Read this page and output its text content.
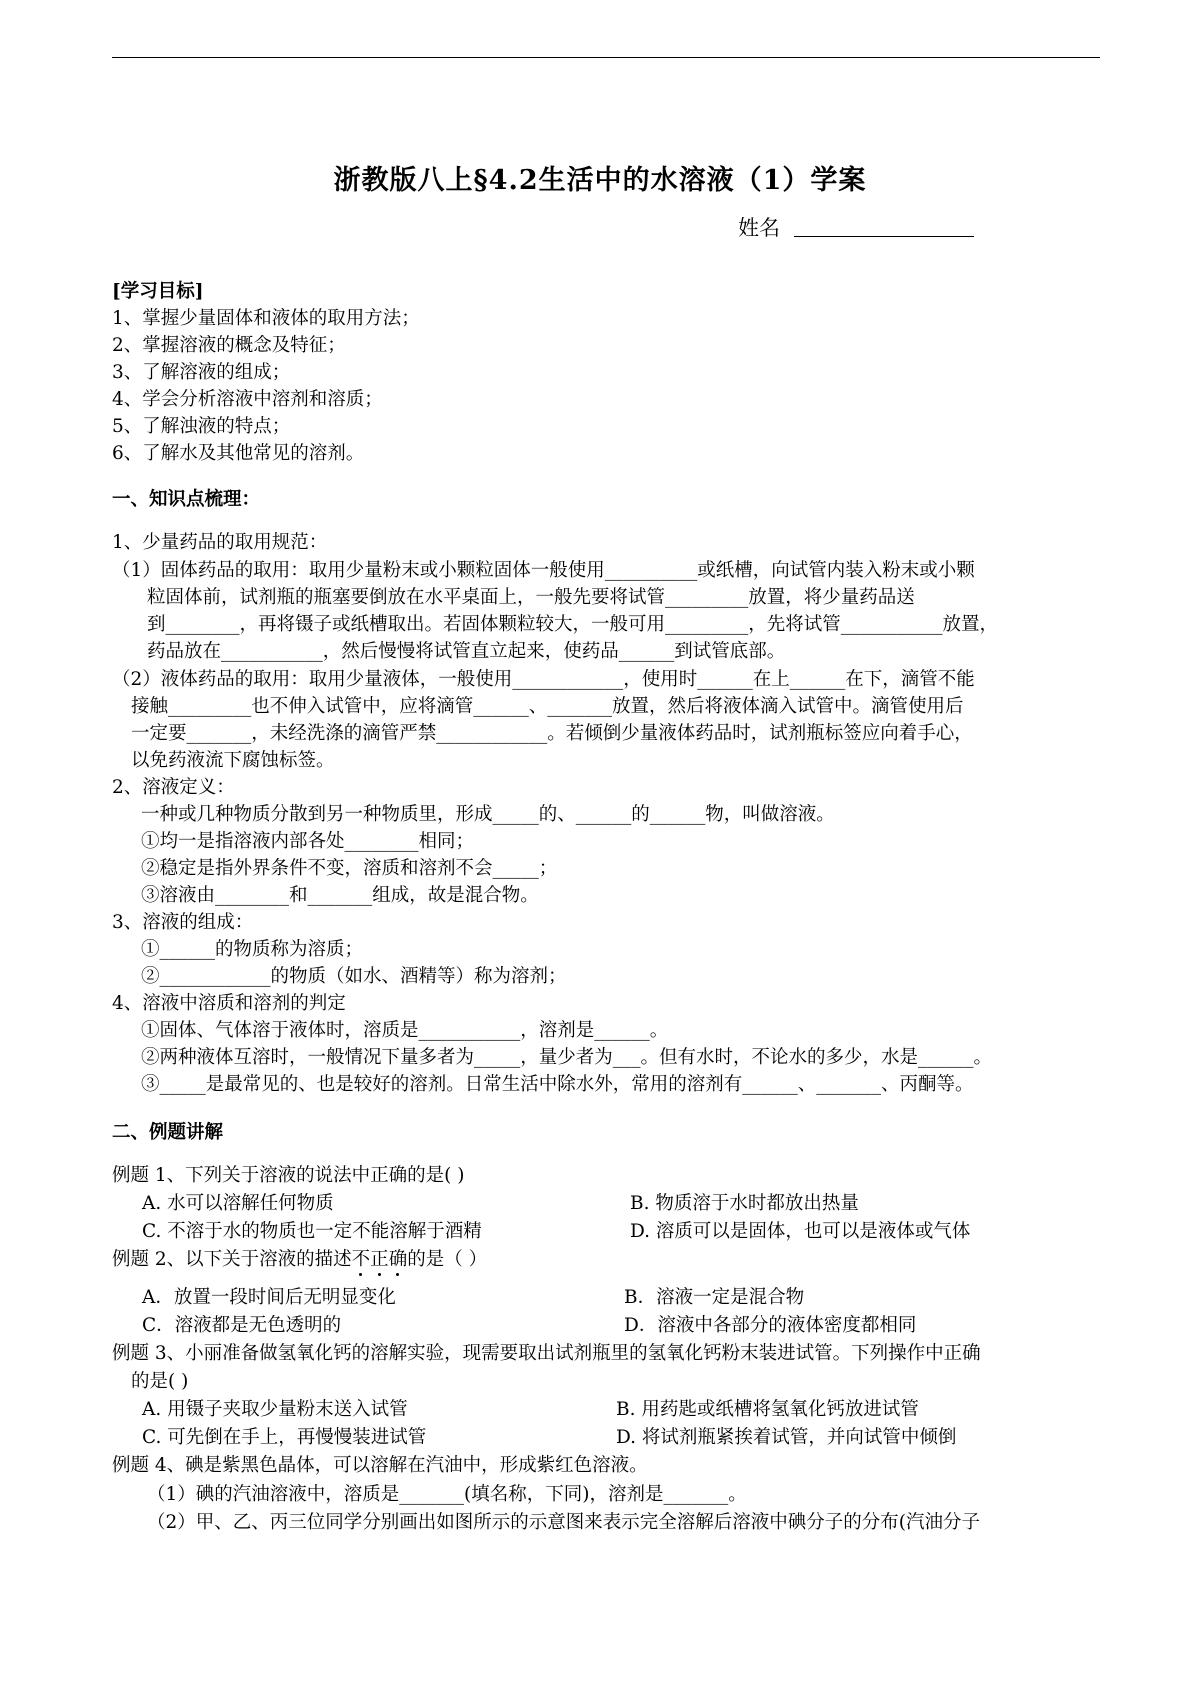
浙教版八上§4.2生活中的水溶液（1）学案
姓名
[学习目标]
1、掌握少量固体和液体的取用方法；
2、掌握溶液的概念及特征；
3、了解溶液的组成；
4、学会分析溶液中溶剂和溶质；
5、了解浊液的特点；
6、了解水及其他常见的溶剂。
一、知识点梳理：
1、少量药品的取用规范：
（1）固体药品的取用：取用少量粉末或小颗粒固体一般使用__________或纸槽，向试管内装入粉末或小颗
粒固体前，试剂瓶的瓶塞要倒放在水平桌面上，一般先要将试管_________放置，将少量药品送
到________，再将镊子或纸槽取出。若固体颗粒较大，一般可用_________，先将试管___________放置，
药品放在___________，然后慢慢将试管直立起来，使药品______到试管底部。
（2）液体药品的取用：取用少量液体，一般使用____________，使用时______在上______在下，滴管不能
接触_________也不伸入试管中，应将滴管______、_______放置，然后将液体滴入试管中。滴管使用后
一定要_______，未经洗涤的滴管严禁____________。若倾倒少量液体药品时，试剂瓶标签应向着手心，
以免药液流下腐蚀标签。
2、溶液定义：
一种或几种物质分散到另一种物质里，形成_____的、______的______物，叫做溶液。
①均一是指溶液内部各处________相同；
②稳定是指外界条件不变，溶质和溶剂不会_____；
③溶液由________和_______组成，故是混合物。
3、溶液的组成：
①______的物质称为溶质；
②____________的物质（如水、酒精等）称为溶剂；
4、溶液中溶质和溶剂的判定
①固体、气体溶于液体时，溶质是___________，溶剂是______。
②两种液体互溶时，一般情况下量多者为_____，量少者为___。但有水时，不论水的多少，水是______。
③_____是最常见的、也是较好的溶剂。日常生活中除水外，常用的溶剂有______、_______、丙酮等。
二、例题讲解
例题 1、下列关于溶液的说法中正确的是( )
A. 水可以溶解任何物质	B. 物质溶于水时都放出热量
C. 不溶于水的物质也一定不能溶解于酒精	D. 溶质可以是固体，也可以是液体或气体
例题 2、以下关于溶液的描述不正确的是（ ）
A．放置一段时间后无明显变化	B．溶液一定是混合物
C．溶液都是无色透明的	D．溶液中各部分的液体密度都相同
例题 3、小丽准备做氢氧化钙的溶解实验，现需要取出试剂瓶里的氢氧化钙粉末装进试管。下列操作中正确
的是( )
A. 用镊子夹取少量粉末送入试管	B. 用药匙或纸槽将氢氧化钙放进试管
C. 可先倒在手上，再慢慢装进试管	D. 将试剂瓶紧挨着试管，并向试管中倾倒
例题 4、碘是紫黑色晶体，可以溶解在汽油中，形成紫红色溶液。
（1）碘的汽油溶液中，溶质是_______(填名称，下同)，溶剂是_______。
（2）甲、乙、丙三位同学分别画出如图所示的示意图来表示完全溶解后溶液中碘分子的分布(汽油分子
